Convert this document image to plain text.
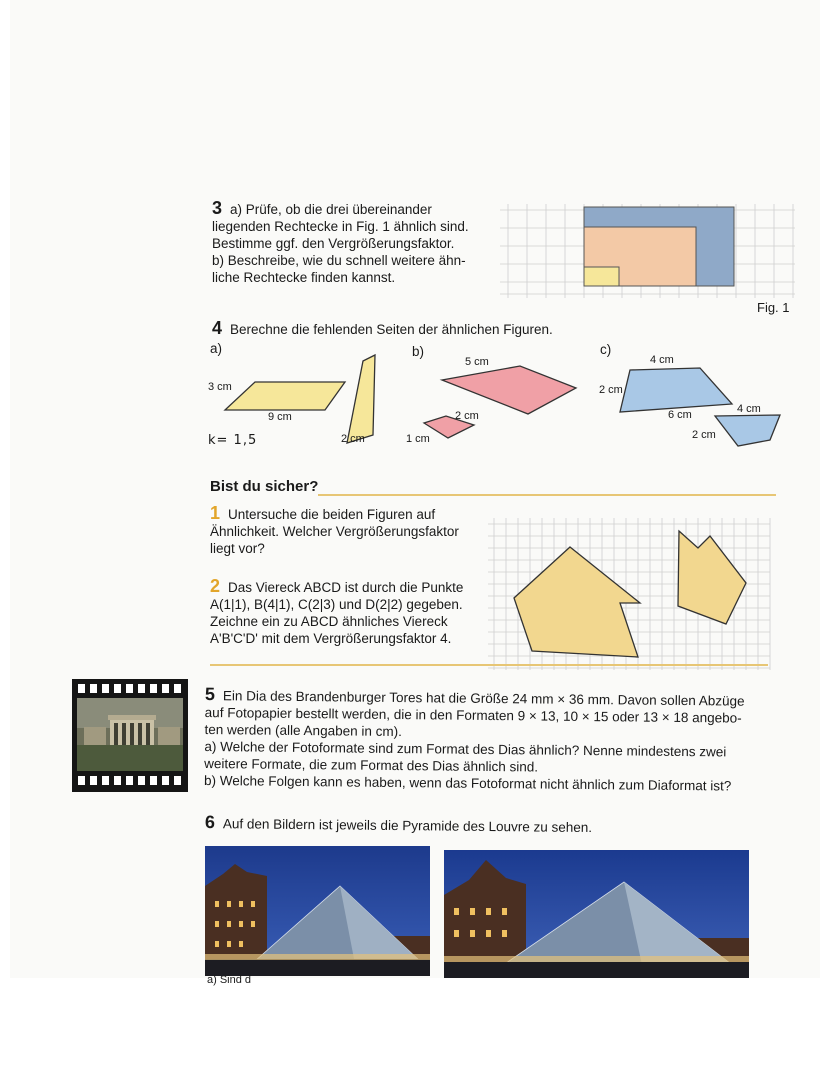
3 a) Prüfe, ob die drei übereinander

liegenden Rechtecke in Fig. 1 ähnlich sind.

Bestimme ggf. den Vergrößerungsfaktor.

b) Beschreibe, wie du schnell weitere ähn-

liche Rechtecke finden kannst.

Fig. 1
4 Berechne die fehlenden Seiten der ähnlichen Figuren.
a)	b)	c)
3 cm
9 cm
2 cm
k= 1,5
5 cm
2 cm
1 cm
4 cm
2 cm
6 cm	4 cm
2 cm
Bist du sicher?

1 Untersuche die beiden Figuren auf

Ähnlichkeit. Welcher Vergrößerungsfaktor

liegt vor?

2 Das Viereck ABCD ist durch die Punkte

A(1|1), B(4|1), C(2|3) und D(2|2) gegeben.

Zeichne ein zu ABCD ähnliches Viereck

A'B'C'D' mit dem Vergrößerungsfaktor 4.

5 Ein Dia des Brandenburger Tores hat die Größe 24 mm × 36 mm. Davon sollen Abzüge

auf Fotopapier bestellt werden, die in den Formaten 9 × 13, 10 × 15 oder 13 × 18 angebo-

ten werden (alle Angaben in cm).

a) Welche der Fotoformate sind zum Format des Dias ähnlich? Nenne mindestens zwei

weitere Formate, die zum Format des Dias ähnlich sind.

b) Welche Folgen kann es haben, wenn das Fotoformat nicht ähnlich zum Diaformat ist?

6 Auf den Bildern ist jeweils die Pyramide des Louvre zu sehen.
a) Sind d
